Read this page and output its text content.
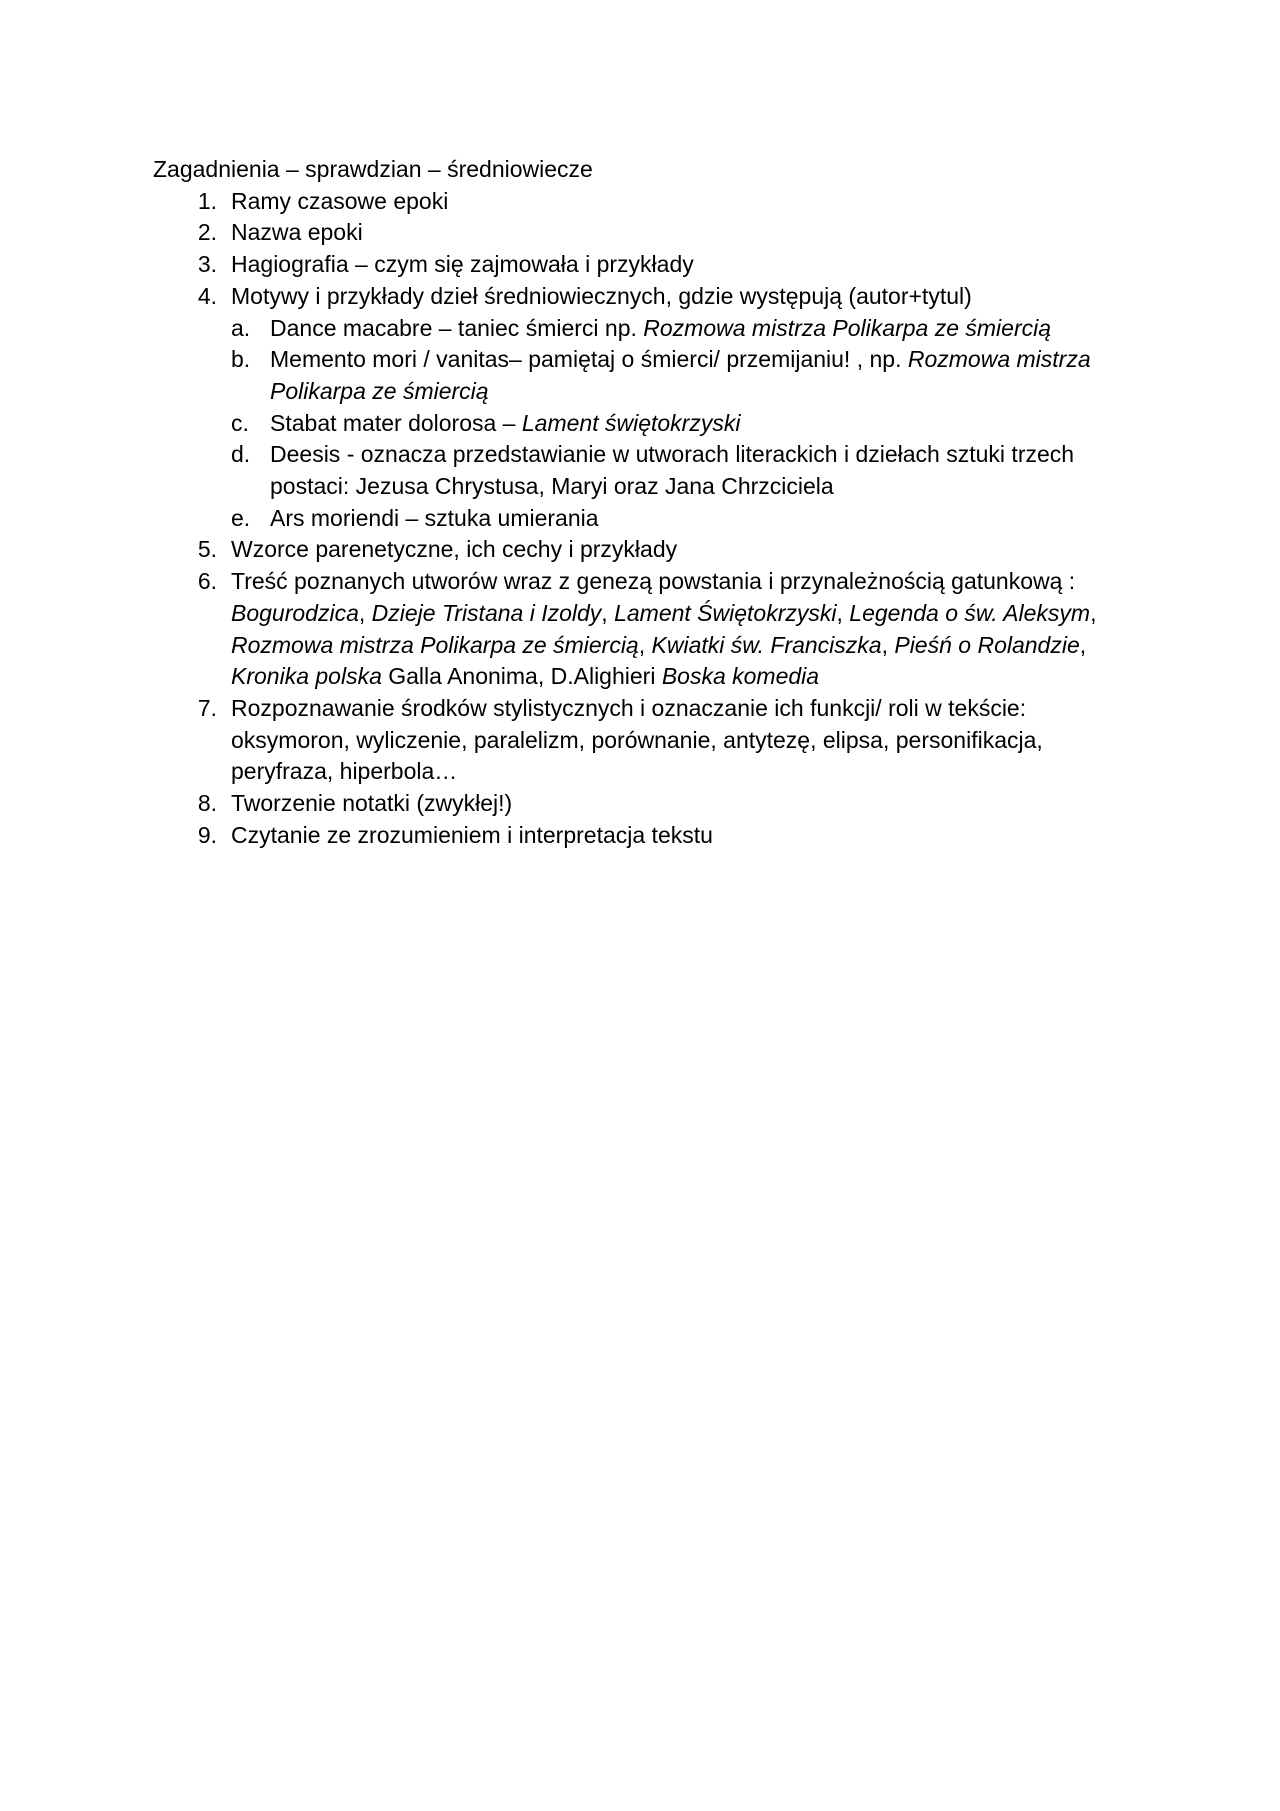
Zagadnienia – sprawdzian – średniowiecze

1. Ramy czasowe epoki
2. Nazwa epoki
3. Hagiografia – czym się zajmowała i przykłady
4. Motywy i przykłady dzieł średniowiecznych, gdzie występują (autor+tytul)
a. Dance macabre – taniec śmierci np. Rozmowa mistrza Polikarpa ze śmiercią
b. Memento mori / vanitas– pamiętaj o śmierci/ przemijaniu! , np. Rozmowa mistrza Polikarpa ze śmiercią
c. Stabat mater dolorosa – Lament świętokrzyski
d. Deesis - oznacza przedstawianie w utworach literackich i dziełach sztuki trzech postaci: Jezusa Chrystusa, Maryi oraz Jana Chrzciciela
e. Ars moriendi – sztuka umierania
5. Wzorce parenetyczne, ich cechy i przykłady
6. Treść poznanych utworów wraz z genezą powstania i przynależnością gatunkową : Bogurodzica, Dzieje Tristana i Izoldy, Lament Świętokrzyski, Legenda o św. Aleksym, Rozmowa mistrza Polikarpa ze śmiercią, Kwiatki św. Franciszka, Pieśń o Rolandzie, Kronika polska Galla Anonima, D.Alighieri Boska komedia
7. Rozpoznawanie środków stylistycznych i oznaczanie ich funkcji/ roli w tekście: oksymoron, wyliczenie, paralelizm, porównanie, antytezę, elipsa, personifikacja, peryfraza, hiperbola…
8. Tworzenie notatki (zwykłej!)
9. Czytanie ze zrozumieniem i interpretacja tekstu
